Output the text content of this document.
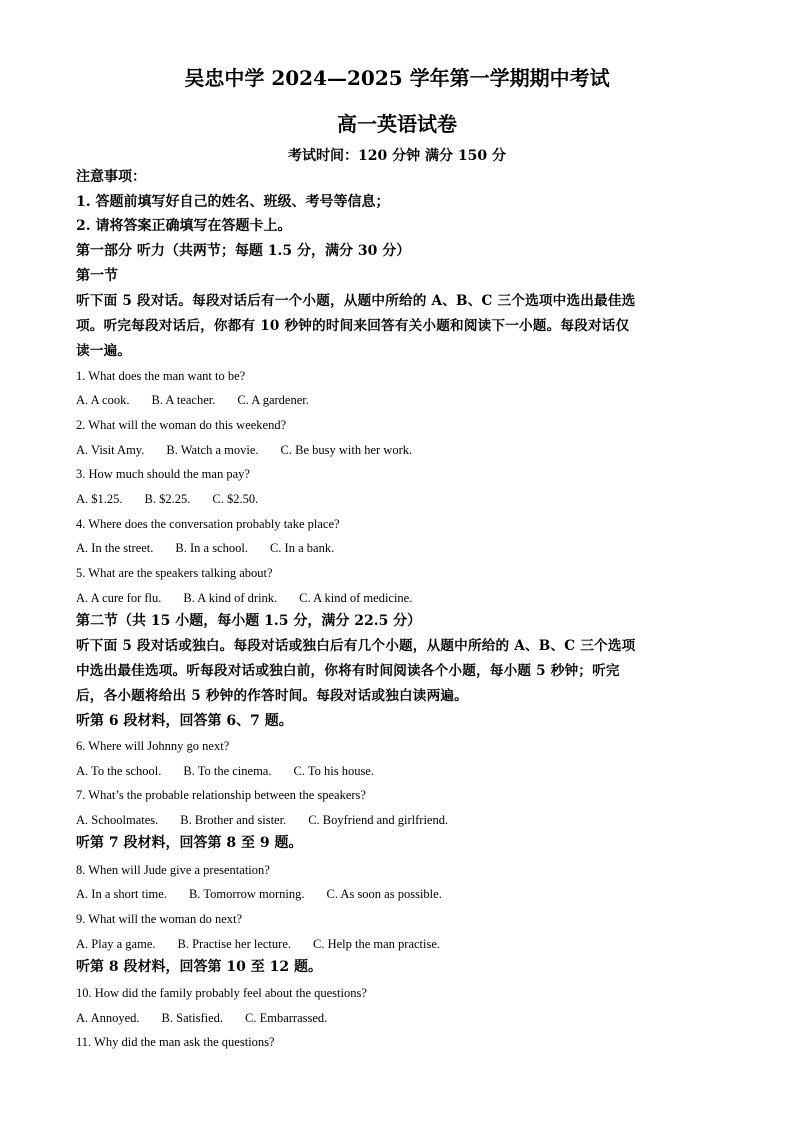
吴忠中学 2024—2025 学年第一学期期中考试
高一英语试卷
考试时间：120 分钟 满分 150 分
注意事项：
1. 答题前填写好自己的姓名、班级、考号等信息；
2. 请将答案正确填写在答题卡上。
第一部分 听力（共两节；每题 1.5 分，满分 30 分）
第一节
听下面 5 段对话。每段对话后有一个小题，从题中所给的 A、B、C 三个选项中选出最佳选
项。听完每段对话后，你都有 10 秒钟的时间来回答有关小题和阅读下一小题。每段对话仅
读一遍。
1. What does the man want to be?
A. A cook. B. A teacher. C. A gardener.
2. What will the woman do this weekend?
A. Visit Amy. B. Watch a movie. C. Be busy with her work.
3. How much should the man pay?
A. $1.25. B. $2.25. C. $2.50.
4. Where does the conversation probably take place?
A. In the street. B. In a school. C. In a bank.
5. What are the speakers talking about?
A. A cure for flu. B. A kind of drink. C. A kind of medicine.
第二节（共 15 小题，每小题 1.5 分，满分 22.5 分）
听下面 5 段对话或独白。每段对话或独白后有几个小题，从题中所给的 A、B、C 三个选项
中选出最佳选项。听每段对话或独白前，你将有时间阅读各个小题，每小题 5 秒钟；听完
后，各小题将给出 5 秒钟的作答时间。每段对话或独白读两遍。
听第 6 段材料，回答第 6、7 题。
6. Where will Johnny go next?
A. To the school. B. To the cinema. C. To his house.
7. What’s the probable relationship between the speakers?
A. Schoolmates. B. Brother and sister. C. Boyfriend and girlfriend.
听第 7 段材料，回答第 8 至 9 题。
8. When will Jude give a presentation?
A. In a short time. B. Tomorrow morning. C. As soon as possible.
9. What will the woman do next?
A. Play a game. B. Practise her lecture. C. Help the man practise.
听第 8 段材料，回答第 10 至 12 题。
10. How did the family probably feel about the questions?
A. Annoyed. B. Satisfied. C. Embarrassed.
11. Why did the man ask the questions?
